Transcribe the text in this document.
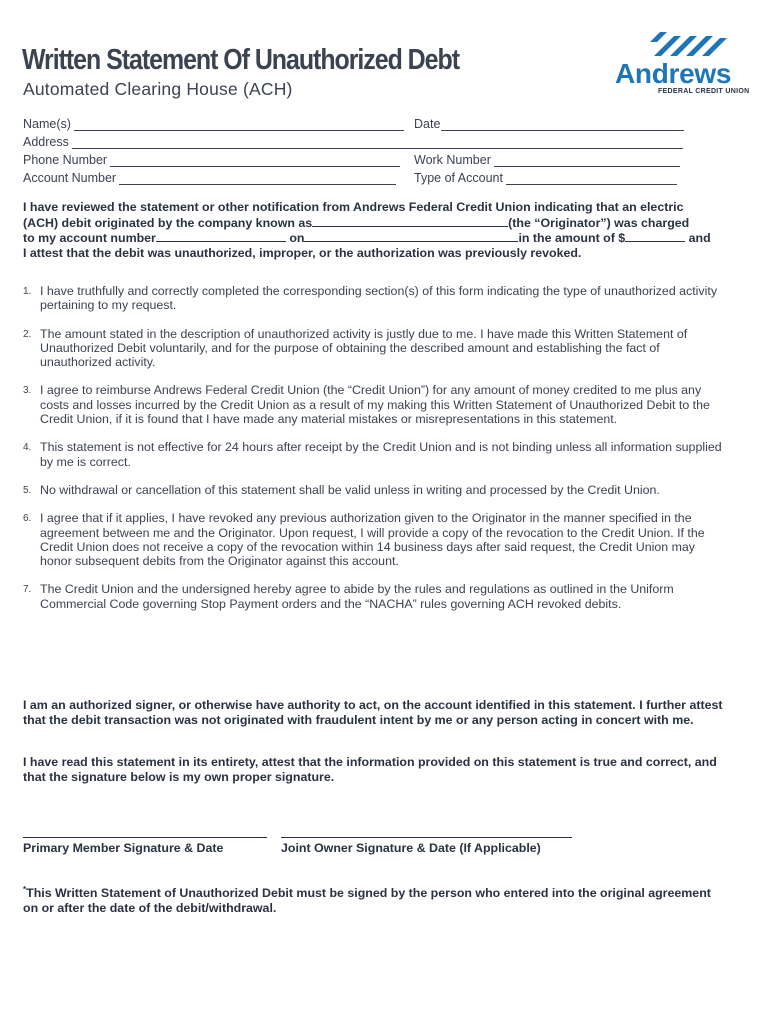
Written Statement Of Unauthorized Debt
Automated Clearing House (ACH)	Andrews
FEDERAL CREDIT UNION
Name(s)	Date
Address
Phone Number	Work Number
Account Number	Type of Account
I have reviewed the statement or other notification from Andrews Federal Credit Union indicating that an electric
(ACH) debit originated by the company known as	(the “Originator”) was charged
to my account number	on	in the amount of $	and
I attest that the debit was unauthorized, improper, or the authorization was previously revoked.
1. I have truthfully and correctly completed the corresponding section(s) of this form indicating the type of unauthorized activity pertaining to my request.
2. The amount stated in the description of unauthorized activity is justly due to me. I have made this Written Statement of Unauthorized Debit voluntarily, and for the purpose of obtaining the described amount and establishing the fact of unauthorized activity.
3. I agree to reimburse Andrews Federal Credit Union (the “Credit Union”) for any amount of money credited to me plus any costs and losses incurred by the Credit Union as a result of my making this Written Statement of Unauthorized Debit to the Credit Union, if it is found that I have made any material mistakes or misrepresentations in this statement.
4. This statement is not effective for 24 hours after receipt by the Credit Union and is not binding unless all information supplied by me is correct.
5. No withdrawal or cancellation of this statement shall be valid unless in writing and processed by the Credit Union.
6. I agree that if it applies, I have revoked any previous authorization given to the Originator in the manner specified in the agreement between me and the Originator. Upon request, I will provide a copy of the revocation to the Credit Union. If the Credit Union does not receive a copy of the revocation within 14 business days after said request, the Credit Union may honor subsequent debits from the Originator against this account.
7. The Credit Union and the undersigned hereby agree to abide by the rules and regulations as outlined in the Uniform Commercial Code governing Stop Payment orders and the “NACHA” rules governing ACH revoked debits.
I am an authorized signer, or otherwise have authority to act, on the account identified in this statement. I further attest that the debit transaction was not originated with fraudulent intent by me or any person acting in concert with me.
I have read this statement in its entirety, attest that the information provided on this statement is true and correct, and that the signature below is my own proper signature.
Primary Member Signature & Date	Joint Owner Signature & Date (If Applicable)
*This Written Statement of Unauthorized Debit must be signed by the person who entered into the original agreement on or after the date of the debit/withdrawal.
